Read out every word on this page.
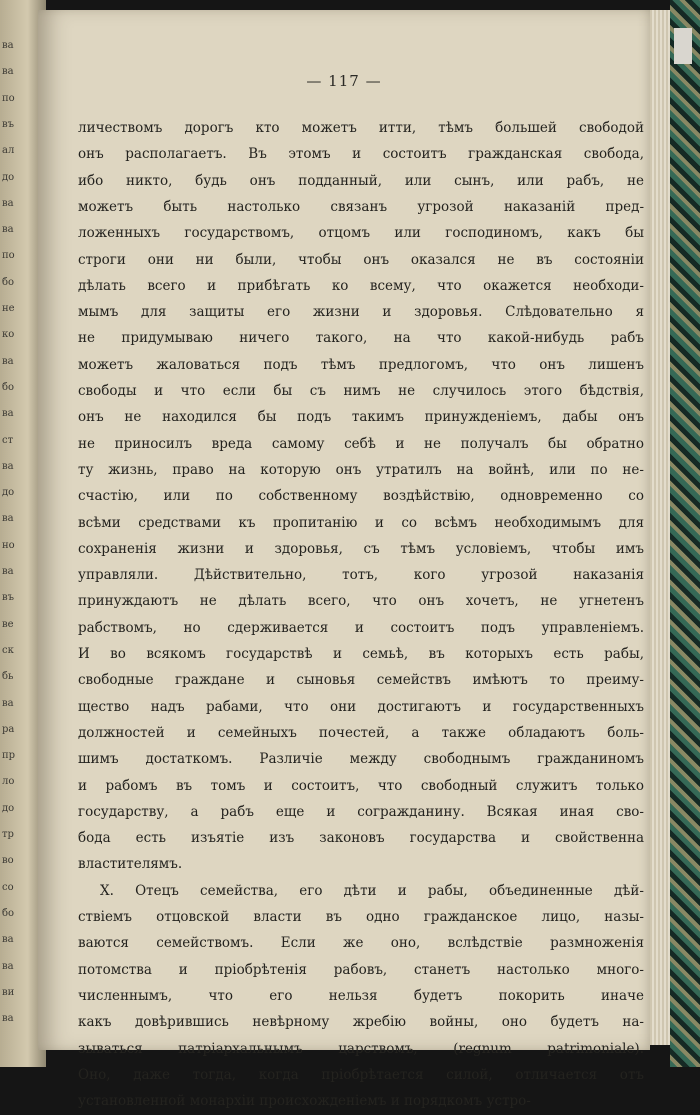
ва
ва
по
въ
ал
до
ва
ва
по
бо
не
ко
ва
бо
ва
ст
ва
до
ва
но
ва
въ
ве
ск
бь
ва
ра
пр
ло
до
тр
во
со
бо
ва
ва
ви
ва
— 117 —
личествомъ дорогъ кто можетъ итти, тѣмъ большей свободой
онъ располагаетъ. Въ этомъ и состоитъ гражданская свобода,
ибо никто, будь онъ подданный, или сынъ, или рабъ, не
можетъ быть настолько связанъ угрозой наказаній пред-
ложенныхъ государствомъ, отцомъ или господиномъ, какъ бы
строги они ни были, чтобы онъ оказался не въ состояніи
дѣлать всего и прибѣгать ко всему, что окажется необходи-
мымъ для защиты его жизни и здоровья. Слѣдовательно я
не придумываю ничего такого, на что какой-нибудь рабъ
можетъ жаловаться подъ тѣмъ предлогомъ, что онъ лишенъ
свободы и что если бы съ нимъ не случилось этого бѣдствія,
онъ не находился бы подъ такимъ принужденіемъ, дабы онъ
не приносилъ вреда самому себѣ и не получалъ бы обратно
ту жизнь, право на которую онъ утратилъ на войнѣ, или по не-
счастію, или по собственному воздѣйствію, одновременно со
всѣми средствами къ пропитанію и со всѣмъ необходимымъ для
сохраненія жизни и здоровья, съ тѣмъ условіемъ, чтобы имъ
управляли. Дѣйствительно, тотъ, кого угрозой наказанія
принуждаютъ не дѣлать всего, что онъ хочетъ, не угнетенъ
рабствомъ, но сдерживается и состоитъ подъ управленіемъ.
И во всякомъ государствѣ и семьѣ, въ которыхъ есть рабы,
свободные граждане и сыновья семействъ имѣютъ то преиму-
щество надъ рабами, что они достигаютъ и государственныхъ
должностей и семейныхъ почестей, а также обладаютъ боль-
шимъ достаткомъ. Различіе между свободнымъ гражданиномъ
и рабомъ въ томъ и состоитъ, что свободный служитъ только
государству, а рабъ еще и согражданину. Всякая иная сво-
бода есть изъятіе изъ законовъ государства и свойственна
властителямъ.
X. Отецъ семейства, его дѣти и рабы, объединенные дѣй-
ствіемъ отцовской власти въ одно гражданское лицо, назы-
ваются семействомъ. Если же оно, вслѣдствіе размноженія
потомства и пріобрѣтенія рабовъ, станетъ настолько много-
численнымъ, что его нельзя будетъ покорить иначе
какъ довѣрившись невѣрному жребію войны, оно будетъ на-
зываться патріархальнымъ царствомъ, (regnum patrimoniale).
Оно, даже тогда, когда пріобрѣтается силой, отличается отъ
установленной монархіи происхожденіемъ и порядкомъ устро-
